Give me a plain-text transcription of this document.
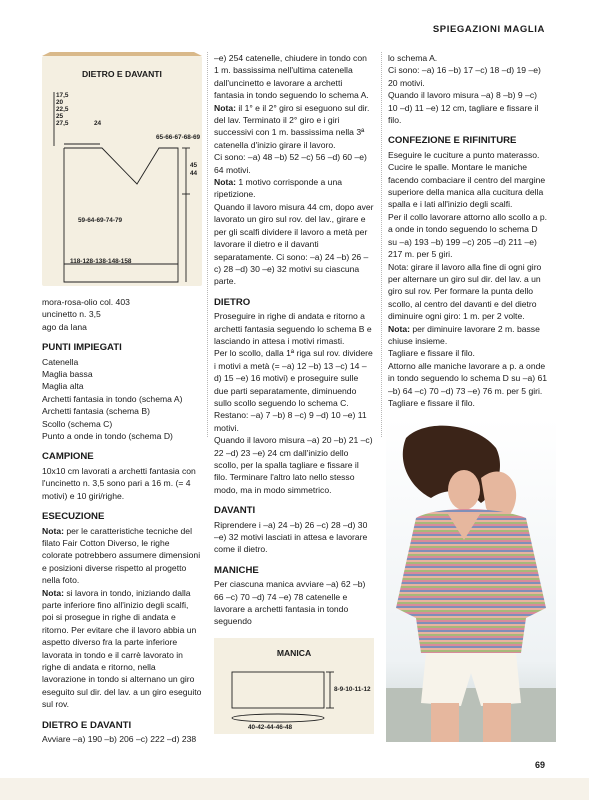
SPIEGAZIONI MAGLIA
DIETRO E DAVANTI
17,5
20
22,5
25
27,5	24
65-66-67-68-69
45
44
59-64-69-74-79
118-128-138-148-158

mora-rosa-olio col. 403

uncinetto n. 3,5

ago da lana

PUNTI IMPIEGATI

Catenella

Maglia bassa

Maglia alta

Archetti fantasia in tondo (schema A)

Archetti fantasia (schema B)

Scollo (schema C)

Punto a onde in tondo (schema D)

CAMPIONE

10x10 cm lavorati a archetti fantasia con l'uncinetto n. 3,5 sono pari a 16 m. (= 4 motivi) e 10 giri/righe.

ESECUZIONE

Nota: per le caratteristiche tecniche del filato Fair Cotton Diverso, le righe colorate potrebbero assumere dimensioni e posizioni diverse rispetto al progetto nella foto.

Nota: si lavora in tondo, iniziando dalla parte inferiore fino all'inizio degli scalfi, poi si prosegue in righe di andata e ritorno. Per evitare che il lavoro abbia un aspetto diverso fra la parte inferiore lavorata in tondo e il carrè lavorato in righe di andata e ritorno, nella lavorazione in tondo si alternano un giro eseguito sul dir. del lav. a un giro eseguito sul rov.

DIETRO E DAVANTI

Avviare –a) 190 –b) 206 –c) 222 –d) 238

–e) 254 catenelle, chiudere in tondo con 1 m. bassissima nell'ultima catenella dall'uncinetto e lavorare a archetti fantasia in tondo seguendo lo schema A.

Nota: il 1° e il 2° giro si eseguono sul dir. del lav. Terminato il 2° giro e i giri successivi con 1 m. bassissima nella 3ª catenella d'inizio girare il lavoro.

Ci sono: –a) 48 –b) 52 –c) 56 –d) 60 –e) 64 motivi.

Nota: 1 motivo corrisponde a una ripetizione.

Quando il lavoro misura 44 cm, dopo aver lavorato un giro sul rov. del lav., girare e per gli scalfi dividere il lavoro a metà per lavorare il dietro e il davanti separatamente. Ci sono: –a) 24 –b) 26 –c) 28 –d) 30 –e) 32 motivi su ciascuna parte.

DIETRO

Proseguire in righe di andata e ritorno a archetti fantasia seguendo lo schema B e lasciando in attesa i motivi rimasti.

Per lo scollo, dalla 1ª riga sul rov. dividere i motivi a metà (= –a) 12 –b) 13 –c) 14 –d) 15 –e) 16 motivi) e proseguire sulle due parti separatamente, diminuendo sullo scollo seguendo lo schema C.

Restano: –a) 7 –b) 8 –c) 9 –d) 10 –e) 11 motivi.

Quando il lavoro misura –a) 20 –b) 21 –c) 22 –d) 23 –e) 24 cm dall'inizio dello scollo, per la spalla tagliare e fissare il filo. Terminare l'altro lato nello stesso modo, ma in modo simmetrico.

DAVANTI

Riprendere i –a) 24 –b) 26 –c) 28 –d) 30 –e) 32 motivi lasciati in attesa e lavorare come il dietro.

MANICHE

Per ciascuna manica avviare –a) 62 –b) 66 –c) 70 –d) 74 –e) 78 catenelle e lavorare a archetti fantasia in tondo seguendo

MANICA
8-9-10-11-12
40-42-44-46-48

lo schema A.

Ci sono: –a) 16 –b) 17 –c) 18 –d) 19 –e) 20 motivi.

Quando il lavoro misura –a) 8 –b) 9 –c) 10 –d) 11 –e) 12 cm, tagliare e fissare il filo.

CONFEZIONE E RIFINITURE

Eseguire le cuciture a punto materasso. Cucire le spalle. Montare le maniche facendo combaciare il centro del margine superiore della manica alla cucitura della spalla e i lati all'inizio degli scalfi.

Per il collo lavorare attorno allo scollo a p. a onde in tondo seguendo lo schema D su –a) 193 –b) 199 –c) 205 –d) 211 –e) 217 m. per 5 giri.

Nota: girare il lavoro alla fine di ogni giro per alternare un giro sul dir. del lav. a un giro sul rov. Per formare la punta dello scollo, al centro del davanti e del dietro diminuire ogni giro: 1 m. per 2 volte.

Nota: per diminuire lavorare 2 m. basse chiuse insieme.

Tagliare e fissare il filo.

Attorno alle maniche lavorare a p. a onde in tondo seguendo lo schema D su –a) 61 –b) 64 –c) 70 –d) 73 –e) 76 m. per 5 giri. Tagliare e fissare il filo.

69
